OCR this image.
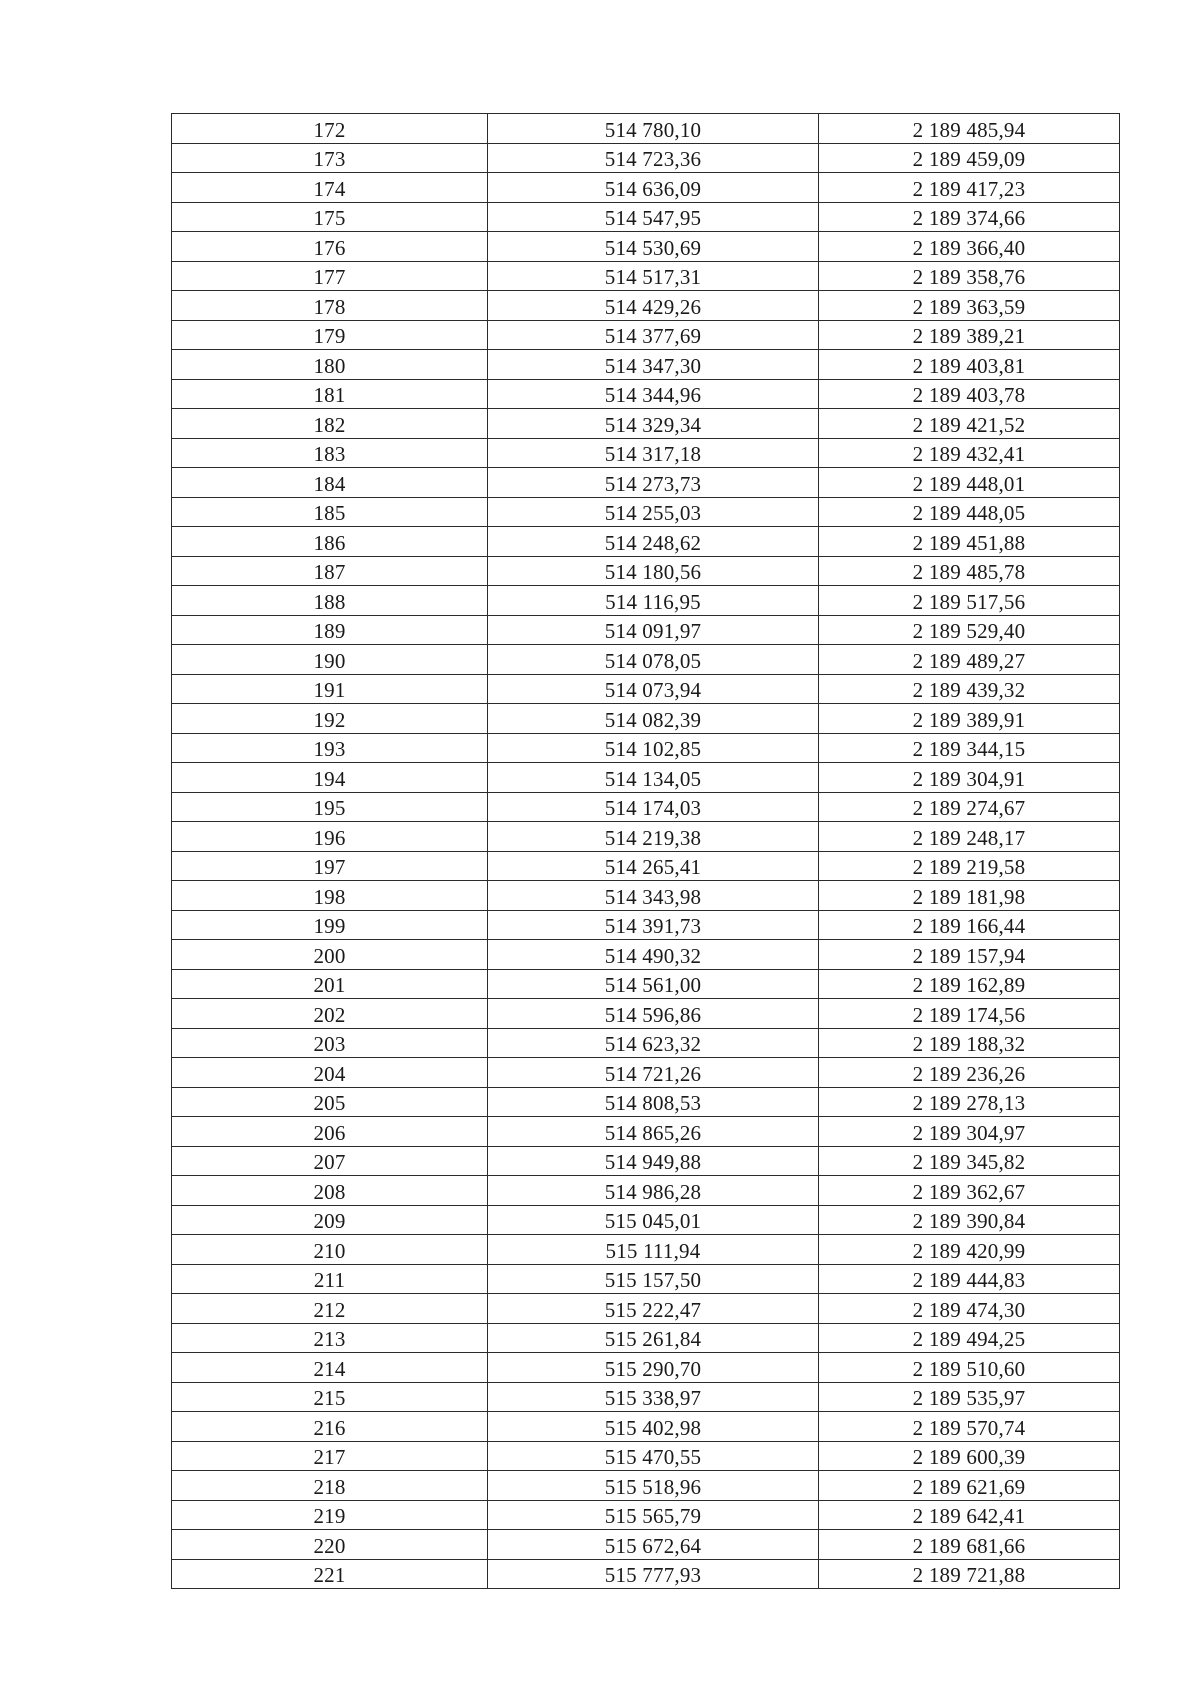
172	514 780,10	2 189 485,94
173	514 723,36	2 189 459,09
174	514 636,09	2 189 417,23
175	514 547,95	2 189 374,66
176	514 530,69	2 189 366,40
177	514 517,31	2 189 358,76
178	514 429,26	2 189 363,59
179	514 377,69	2 189 389,21
180	514 347,30	2 189 403,81
181	514 344,96	2 189 403,78
182	514 329,34	2 189 421,52
183	514 317,18	2 189 432,41
184	514 273,73	2 189 448,01
185	514 255,03	2 189 448,05
186	514 248,62	2 189 451,88
187	514 180,56	2 189 485,78
188	514 116,95	2 189 517,56
189	514 091,97	2 189 529,40
190	514 078,05	2 189 489,27
191	514 073,94	2 189 439,32
192	514 082,39	2 189 389,91
193	514 102,85	2 189 344,15
194	514 134,05	2 189 304,91
195	514 174,03	2 189 274,67
196	514 219,38	2 189 248,17
197	514 265,41	2 189 219,58
198	514 343,98	2 189 181,98
199	514 391,73	2 189 166,44
200	514 490,32	2 189 157,94
201	514 561,00	2 189 162,89
202	514 596,86	2 189 174,56
203	514 623,32	2 189 188,32
204	514 721,26	2 189 236,26
205	514 808,53	2 189 278,13
206	514 865,26	2 189 304,97
207	514 949,88	2 189 345,82
208	514 986,28	2 189 362,67
209	515 045,01	2 189 390,84
210	515 111,94	2 189 420,99
211	515 157,50	2 189 444,83
212	515 222,47	2 189 474,30
213	515 261,84	2 189 494,25
214	515 290,70	2 189 510,60
215	515 338,97	2 189 535,97
216	515 402,98	2 189 570,74
217	515 470,55	2 189 600,39
218	515 518,96	2 189 621,69
219	515 565,79	2 189 642,41
220	515 672,64	2 189 681,66
221	515 777,93	2 189 721,88
